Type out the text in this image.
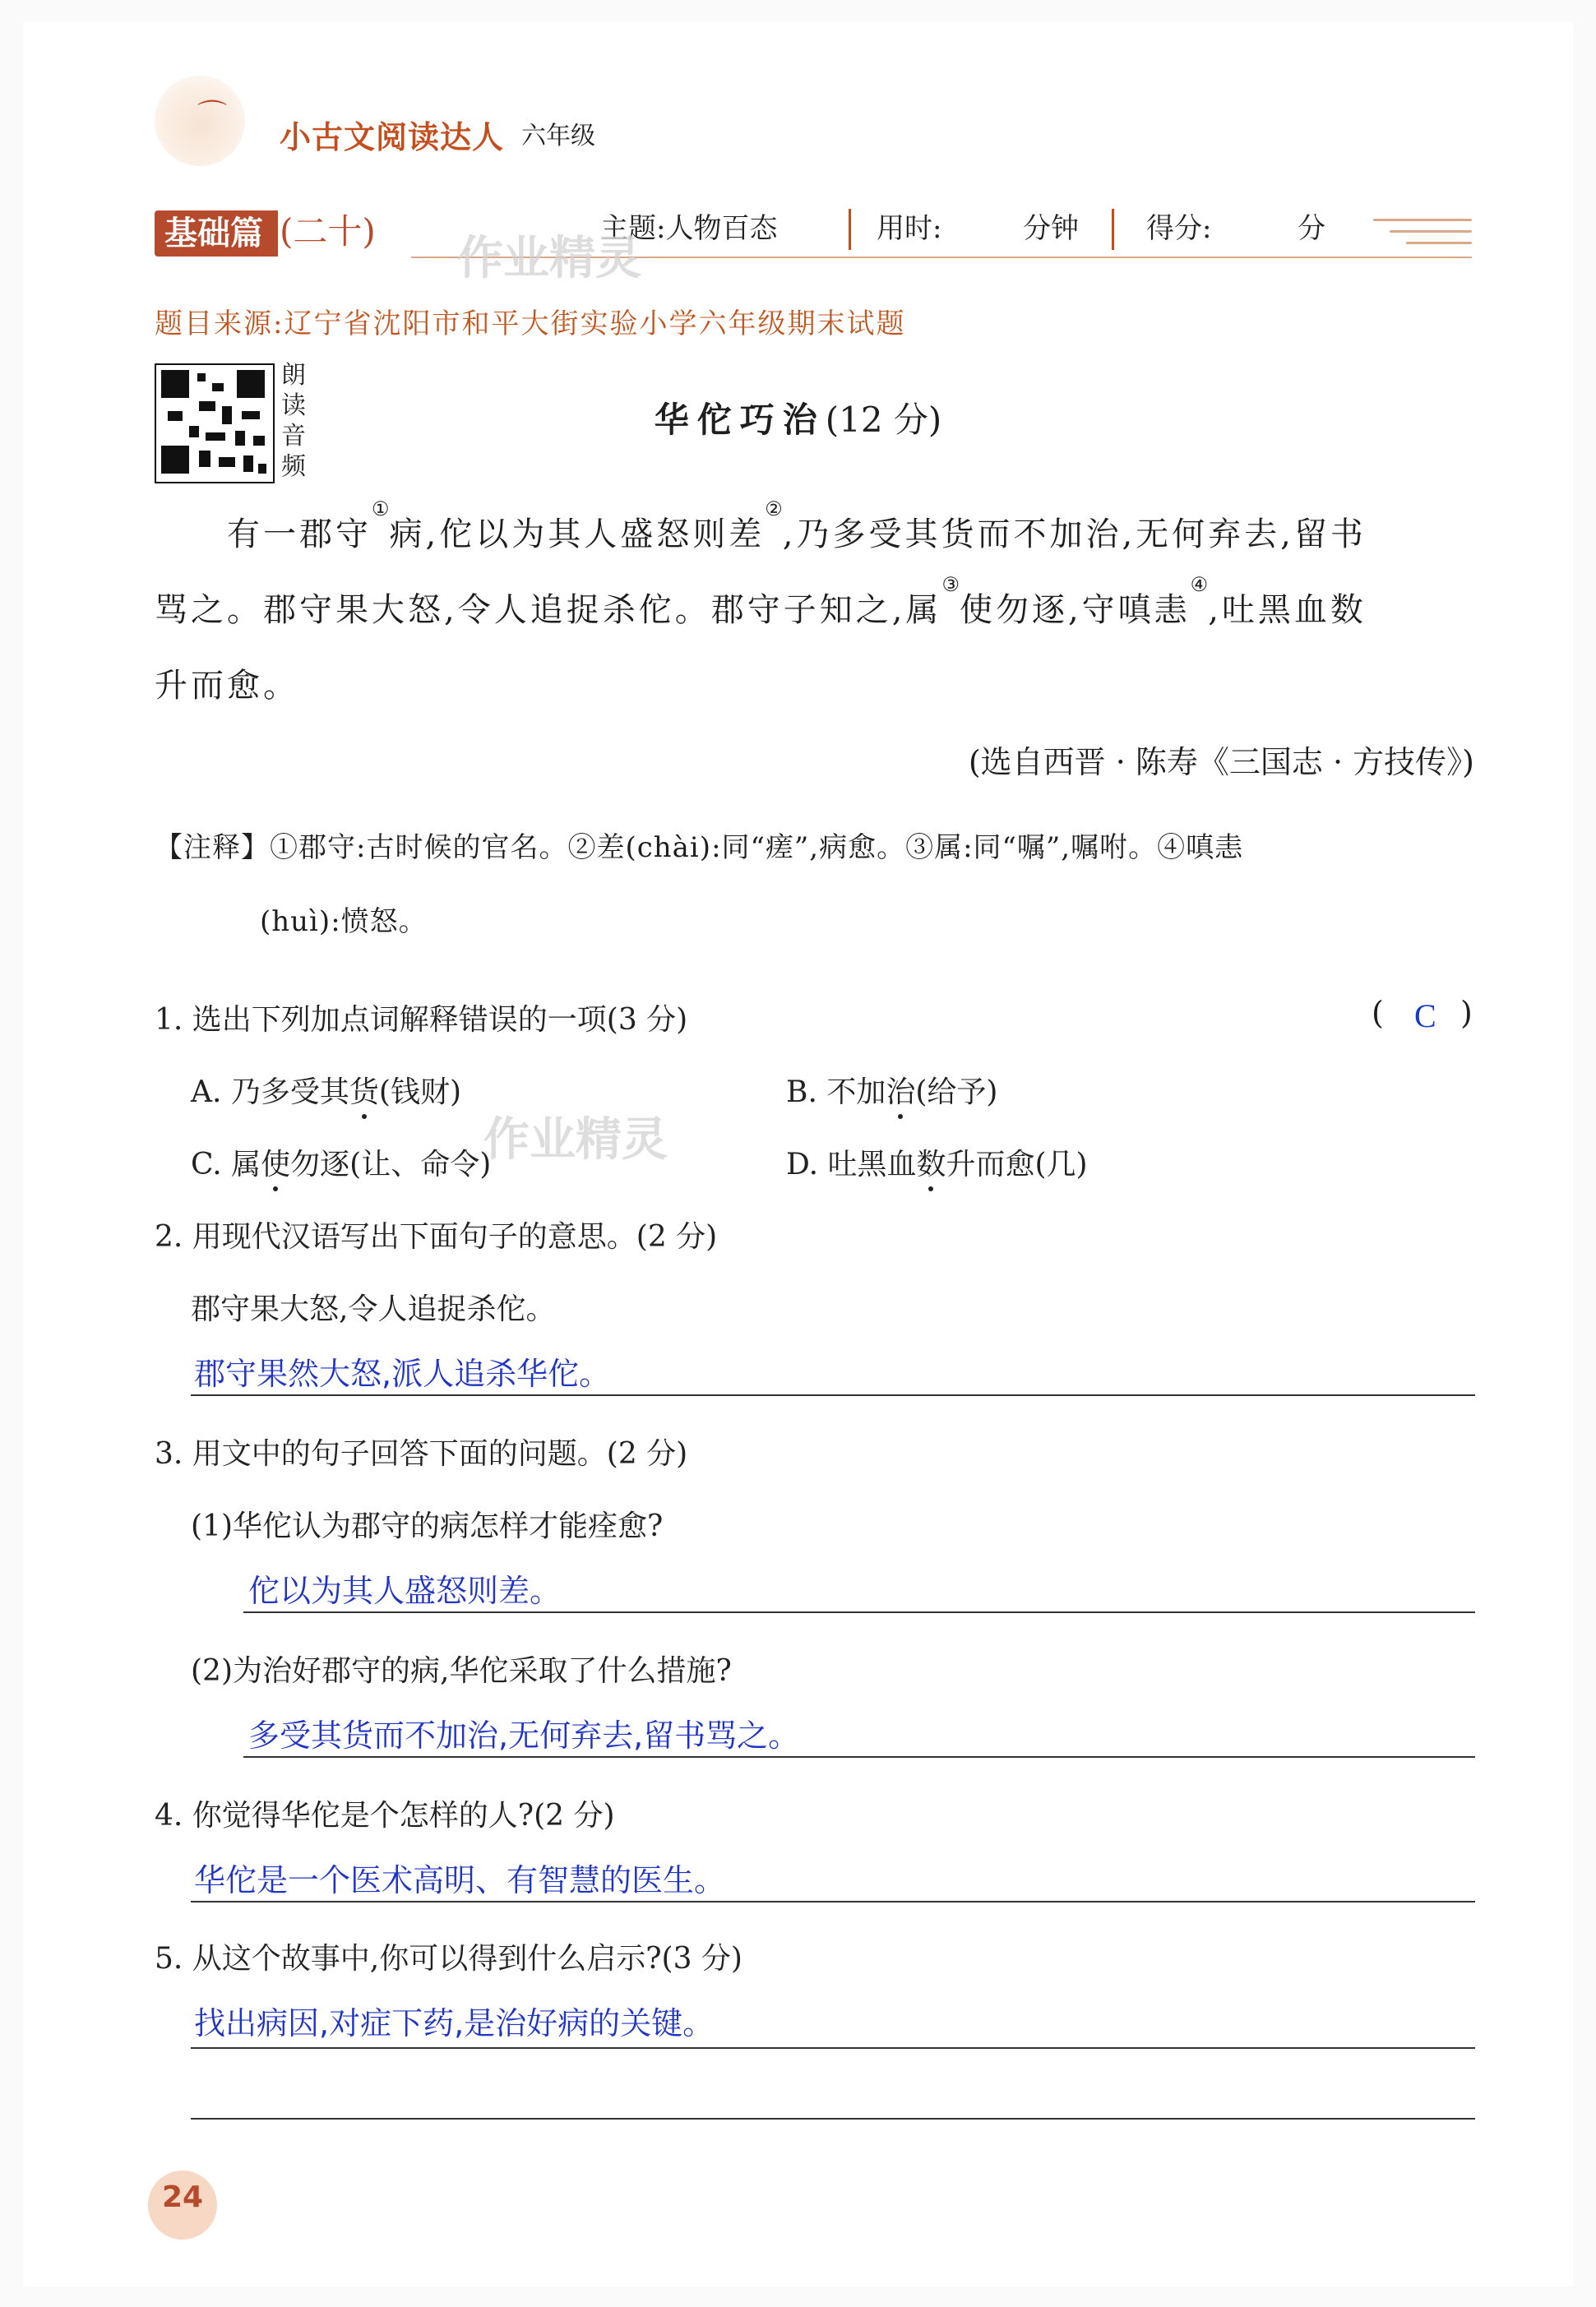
⌒
小古文阅读达人 六年级
基础篇 (二十)	主题:人物百态	用时:	分钟 得分:	分
作业精灵
题目来源:辽宁省沈阳市和平大街实验小学六年级期末试题
朗
读
音
频
华佗巧治(12 分)
有一郡守①病,佗以为其人盛怒则差②,乃多受其货而不加治,无何弃去,留书
骂之。郡守果大怒,令人追捉杀佗。郡守子知之,属③使勿逐,守嗔恚④,吐黑血数
升而愈。
(选自西晋 · 陈寿《三国志 · 方技传》)
【注释】①郡守:古时候的官名。②差(chài):同“瘥”,病愈。③属:同“嘱”,嘱咐。④嗔恚
(huì):愤怒。
1. 选出下列加点词解释错误的一项(3 分)	( C )
A. 乃多受其货(钱财)	B. 不加治(给予)
C. 属使勿逐(让、命令)	D. 吐黑血数升而愈(几)
作业精灵
2. 用现代汉语写出下面句子的意思。(2 分)
郡守果大怒,令人追捉杀佗。
郡守果然大怒,派人追杀华佗。
3. 用文中的句子回答下面的问题。(2 分)
(1)华佗认为郡守的病怎样才能痊愈?
佗以为其人盛怒则差。
(2)为治好郡守的病,华佗采取了什么措施?
多受其货而不加治,无何弃去,留书骂之。
4. 你觉得华佗是个怎样的人?(2 分)
华佗是一个医术高明、有智慧的医生。
5. 从这个故事中,你可以得到什么启示?(3 分)
找出病因,对症下药,是治好病的关键。
24
